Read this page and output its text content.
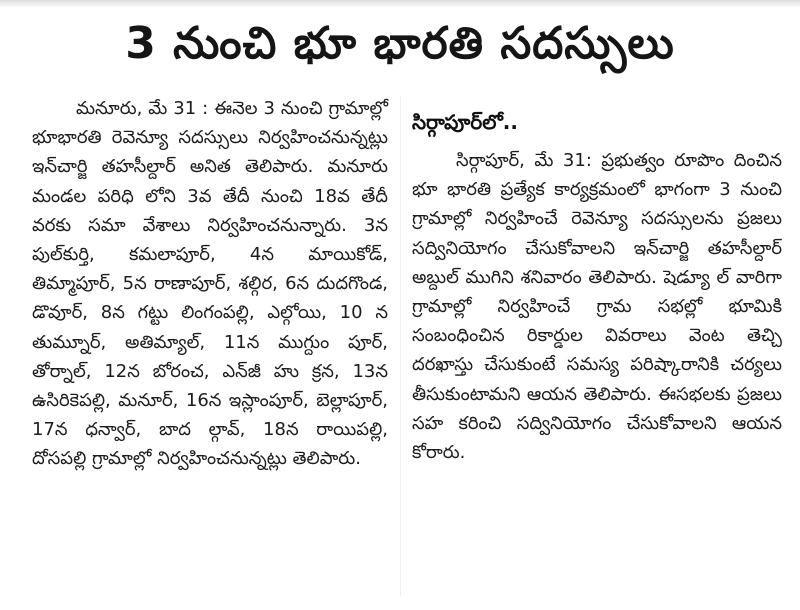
3 నుంచి భూ భారతి సదస్సులు

మనూరు, మే 31 : ఈనెల 3 నుంచి గ్రామాల్లో భూభారతి రెవెన్యూ సదస్సులు నిర్వహించనున్నట్లు ఇన్‌చార్జి తహసీల్దార్ అనిత తెలిపారు. మనూరు మండల పరిధి లోని 3వ తేదీ నుంచి 18వ తేదీ వరకు సమా వేశాలు నిర్వహించనున్నారు. 3న పుల్‌కుర్తి, కమలాపూర్, 4న మాయికోడ్, తిమ్మాపూర్, 5న రాణాపూర్, శల్గిర, 6న దుదగొండ, డొవూర్, 8న గట్టు లింగంపల్లి, ఎల్గోయి, 10 న తుమ్నూర్, అతిమ్యాల్, 11న ముగ్దుం పూర్, తోర్నాల్, 12న బోరంచ, ఎన్‌జీ హు క్రన, 13న ఉసిరికెపల్లి, మనూర్, 16న ఇస్లాంపూర్, బెల్లాపూర్, 17న ధన్వార్, బాద ల్గావ్, 18న రాయిపల్లి, దోసపల్లి గ్రామాల్లో నిర్వహించనున్నట్లు తెలిపారు.

సిర్గాపూర్‌లో..

సిర్గాపూర్, మే 31: ప్రభుత్వం రూపొం దించిన భూ భారతి ప్రత్యేక కార్యక్రమంలో భాగంగా 3 నుంచి గ్రామాల్లో నిర్వహించే రెవెన్యూ సదస్సులను ప్రజలు సద్వినియోగం చేసుకోవాలని ఇన్‌చార్జి తహసీల్దార్ అబ్దుల్ ముగిని శనివారం తెలిపారు. షెడ్యూ ల్ వారిగా గ్రామాల్లో నిర్వహించే గ్రామ సభల్లో భూమికి సంబంధించిన రికార్డుల వివరాలు వెంట తెచ్చి దరఖాస్తు చేసుకుంటే సమస్య పరిష్కారానికి చర్యలు తీసుకుంటామని ఆయన తెలిపారు. ఈసభలకు ప్రజలు సహ కరించి సద్వినియోగం చేసుకోవాలని ఆయన కోరారు.
